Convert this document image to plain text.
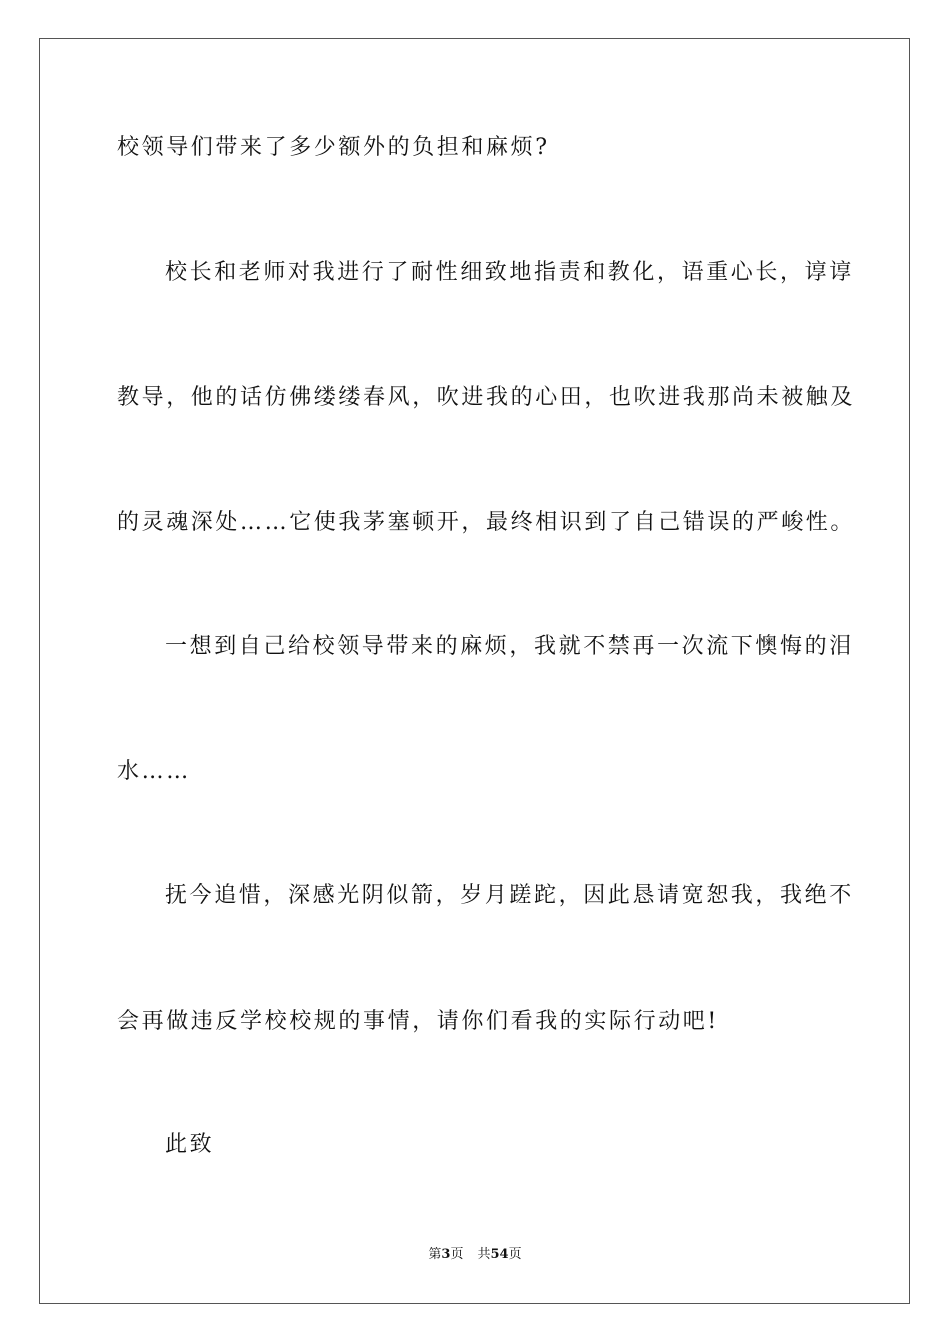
校领导们带来了多少额外的负担和麻烦?
校长和老师对我进行了耐性细致地指责和教化，语重心长，谆谆
教导，他的话仿佛缕缕春风，吹进我的心田，也吹进我那尚未被触及
的灵魂深处……它使我茅塞顿开，最终相识到了自己错误的严峻性。
一想到自己给校领导带来的麻烦，我就不禁再一次流下懊悔的泪
水……
抚今追惜，深感光阴似箭，岁月蹉跎，因此恳请宽恕我，我绝不
会再做违反学校校规的事情，请你们看我的实际行动吧!
此致
第3页 共54页
